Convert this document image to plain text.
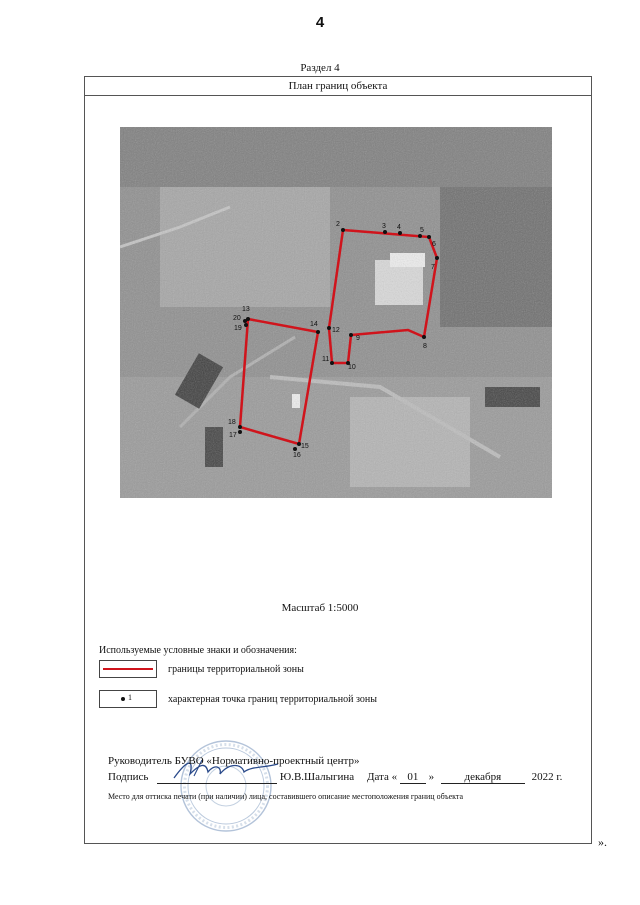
4
Раздел 4
План границ объекта
2	3 4	5
6
7
8
9
10
11
12
13
14
15
16
17
18
19
20
Масштаб 1:5000
Используемые условные знаки и обозначения:
границы территориальной зоны
1	характерная точка границ территориальной зоны
Руководитель БУВО «Нормативно-проектный центр»
Подпись	Ю.В.Шалыгина Дата « 01 »	декабря	2022 г.
Место для оттиска печати (при наличии) лица, составившего описание местоположения границ объекта
».
